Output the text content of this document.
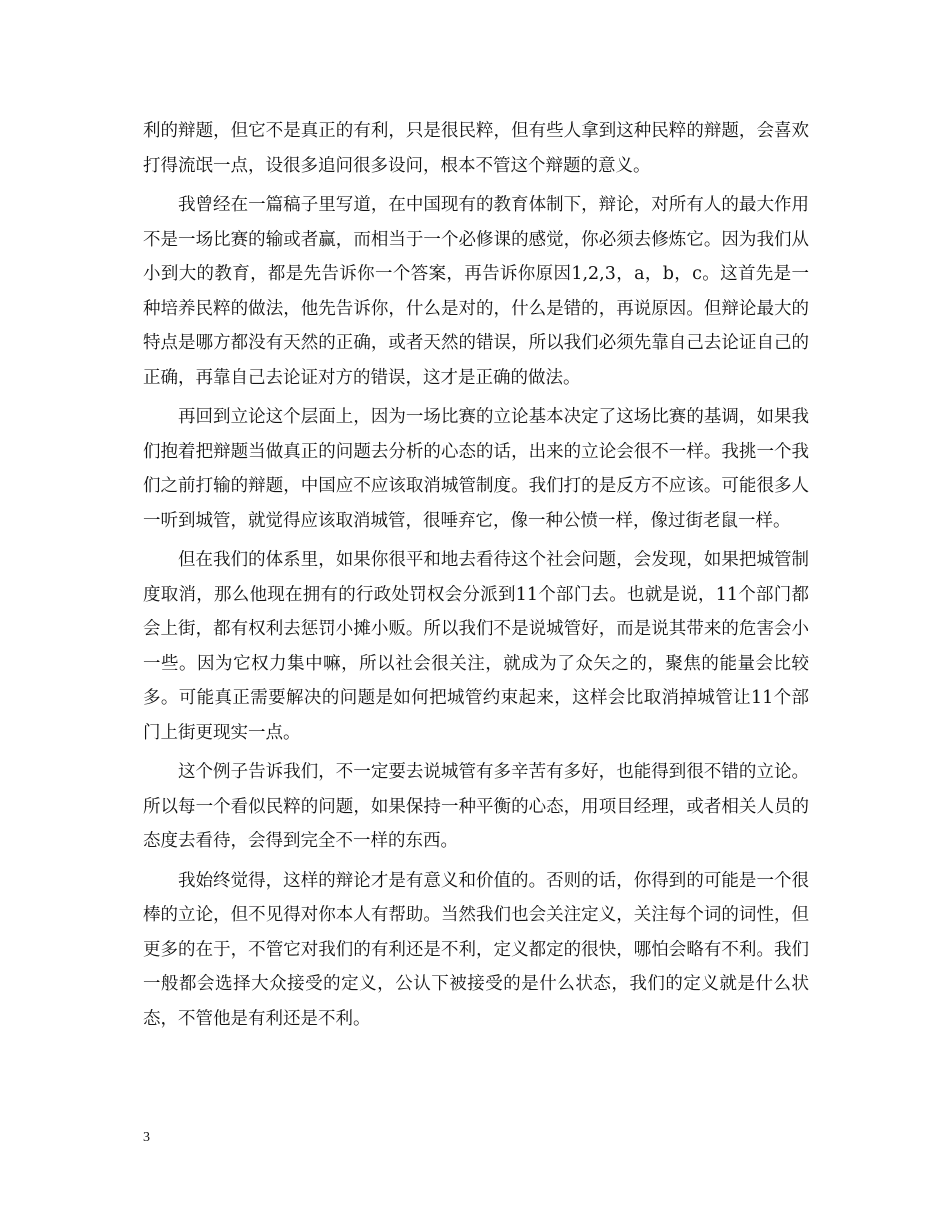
利的辩题，但它不是真正的有利，只是很民粹，但有些人拿到这种民粹的辩题，会喜欢打得流氓一点，设很多追问很多设问，根本不管这个辩题的意义。

我曾经在一篇稿子里写道，在中国现有的教育体制下，辩论，对所有人的最大作用不是一场比赛的输或者赢，而相当于一个必修课的感觉，你必须去修炼它。因为我们从小到大的教育，都是先告诉你一个答案，再告诉你原因1,2,3，a，b，c。这首先是一种培养民粹的做法，他先告诉你，什么是对的，什么是错的，再说原因。但辩论最大的特点是哪方都没有天然的正确，或者天然的错误，所以我们必须先靠自己去论证自己的正确，再靠自己去论证对方的错误，这才是正确的做法。

再回到立论这个层面上，因为一场比赛的立论基本决定了这场比赛的基调，如果我们抱着把辩题当做真正的问题去分析的心态的话，出来的立论会很不一样。我挑一个我们之前打输的辩题，中国应不应该取消城管制度。我们打的是反方不应该。可能很多人一听到城管，就觉得应该取消城管，很唾弃它，像一种公愤一样，像过街老鼠一样。

但在我们的体系里，如果你很平和地去看待这个社会问题，会发现，如果把城管制度取消，那么他现在拥有的行政处罚权会分派到11个部门去。也就是说，11个部门都会上街，都有权利去惩罚小摊小贩。所以我们不是说城管好，而是说其带来的危害会小一些。因为它权力集中嘛，所以社会很关注，就成为了众矢之的，聚焦的能量会比较多。可能真正需要解决的问题是如何把城管约束起来，这样会比取消掉城管让11个部门上街更现实一点。

这个例子告诉我们，不一定要去说城管有多辛苦有多好，也能得到很不错的立论。所以每一个看似民粹的问题，如果保持一种平衡的心态，用项目经理，或者相关人员的态度去看待，会得到完全不一样的东西。

我始终觉得，这样的辩论才是有意义和价值的。否则的话，你得到的可能是一个很棒的立论，但不见得对你本人有帮助。当然我们也会关注定义，关注每个词的词性，但更多的在于，不管它对我们的有利还是不利，定义都定的很快，哪怕会略有不利。我们一般都会选择大众接受的定义，公认下被接受的是什么状态，我们的定义就是什么状态，不管他是有利还是不利。

3
